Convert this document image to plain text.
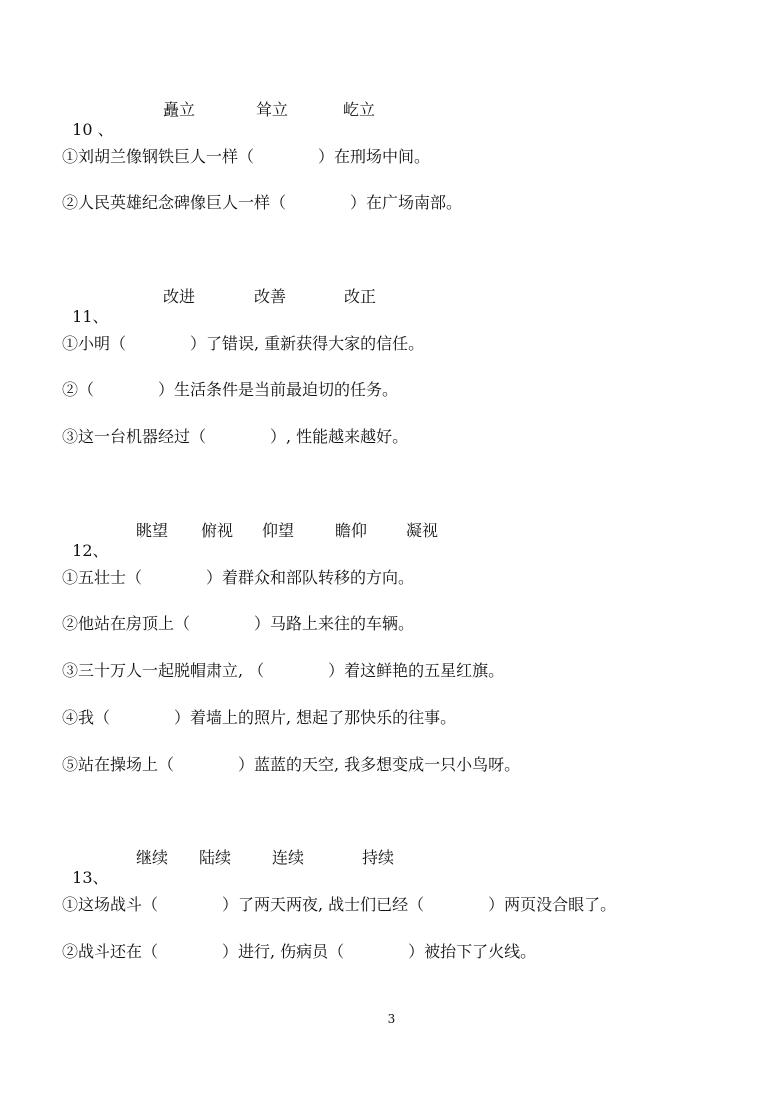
10 、

矗立

	耸立

	屹立

①刘胡兰像钢铁巨人一样（　　　　）在刑场中间。
②人民英雄纪念碑像巨人一样（　　　　）在广场南部。

11、

改进

	改善

	改正

①小明（　　　　）了错误, 重新获得大家的信任。
②（　　　　）生活条件是当前最迫切的任务。
③这一台机器经过（　　　　）, 性能越来越好。

12、

眺望

俯视

仰望

	瞻仰

凝视

①五壮士（　　　　）着群众和部队转移的方向。
②他站在房顶上（　　　　）马路上来往的车辆。
③三十万人一起脱帽肃立, （　　　　）着这鲜艳的五星红旗。
④我（　　　　）着墙上的照片, 想起了那快乐的往事。
⑤站在操场上（　　　　）蓝蓝的天空, 我多想变成一只小鸟呀。

13、

继续

陆续

	连续

	持续

①这场战斗（　　　　）了两天两夜, 战士们已经（　　　　）两页没合眼了。
②战斗还在（　　　　）进行, 伤病员（　　　　）被抬下了火线。
3
